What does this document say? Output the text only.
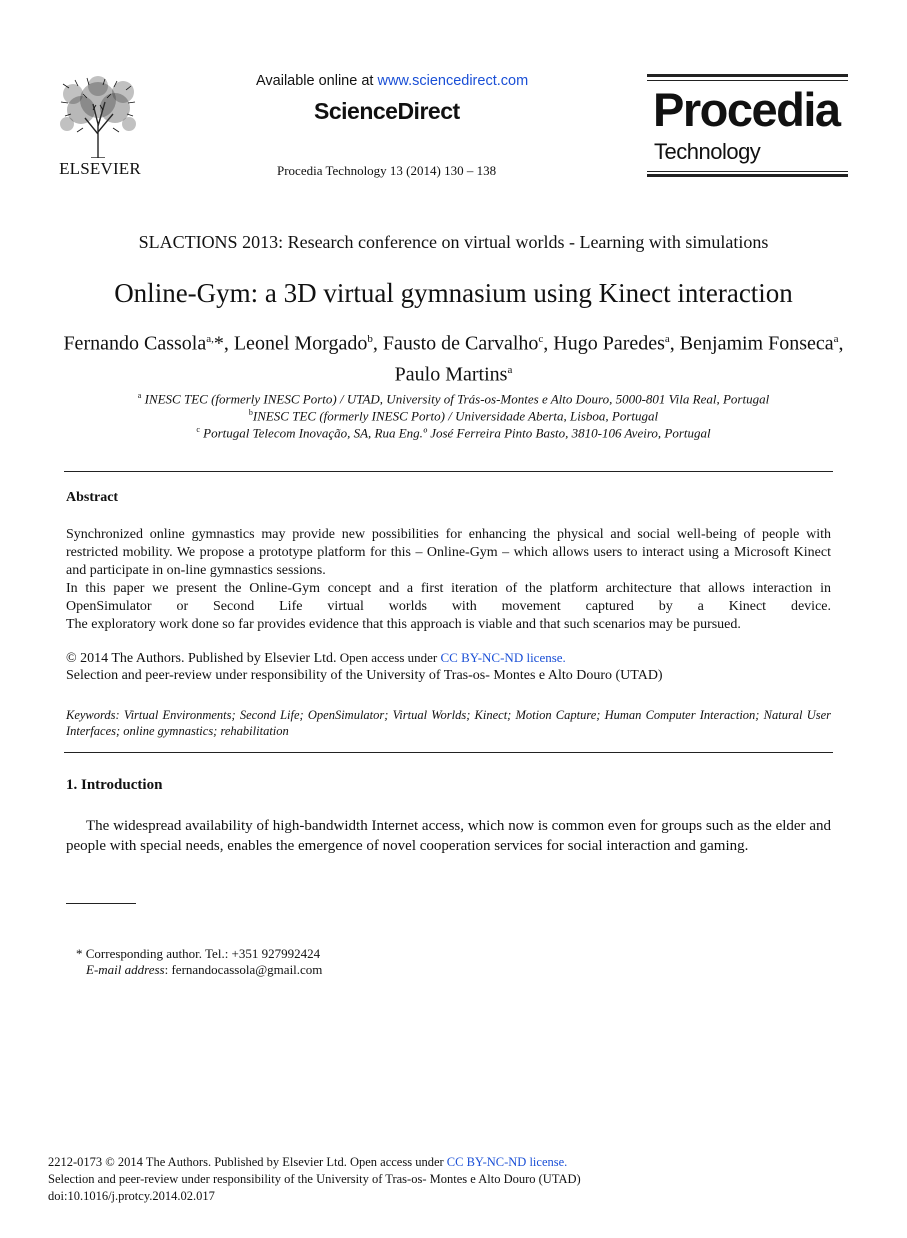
ELSEVIER
Available online at www.sciencedirect.com
ScienceDirect
Procedia Technology 13 (2014) 130 – 138
Procedia
Technology
SLACTIONS 2013: Research conference on virtual worlds - Learning with simulations
Online-Gym: a 3D virtual gymnasium using Kinect interaction
Fernando Cassola$^{a,}$*, Leonel Morgado$^b$, Fausto de Carvalho$^c$, Hugo Paredes$^a$, Benjamim Fonseca$^a$, Paulo Martins$^a$
$^a$ INESC TEC (formerly INESC Porto) / UTAD, University of Trás-os-Montes e Alto Douro, 5000-801 Vila Real, Portugal
$^b$INESC TEC (formerly INESC Porto) / Universidade Aberta, Lisboa, Portugal
$^c$ Portugal Telecom Inovação, SA, Rua Eng.º José Ferreira Pinto Basto, 3810-106 Aveiro, Portugal
Abstract
Synchronized online gymnastics may provide new possibilities for enhancing the physical and social well-being of people with restricted mobility. We propose a prototype platform for this – Online-Gym – which allows users to interact using a Microsoft Kinect and participate in on-line gymnastics sessions.
In this paper we present the Online-Gym concept and a first iteration of the platform architecture that allows interaction in OpenSimulator or Second Life virtual worlds with movement captured by a Kinect device.
The exploratory work done so far provides evidence that this approach is viable and that such scenarios may be pursued.
© 2014 The Authors. Published by Elsevier Ltd. Open access under CC BY-NC-ND license.
Selection and peer-review under responsibility of the University of Tras-os- Montes e Alto Douro (UTAD)
Keywords: Virtual Environments; Second Life; OpenSimulator; Virtual Worlds; Kinect; Motion Capture; Human Computer Interaction; Natural User Interfaces; online gymnastics; rehabilitation
1. Introduction
The widespread availability of high-bandwidth Internet access, which now is common even for groups such as the elder and people with special needs, enables the emergence of novel cooperation services for social interaction and gaming.
* Corresponding author. Tel.: +351 927992424
E-mail address: fernandocassola@gmail.com
2212-0173 © 2014 The Authors. Published by Elsevier Ltd. Open access under CC BY-NC-ND license.
Selection and peer-review under responsibility of the University of Tras-os- Montes e Alto Douro (UTAD)
doi:10.1016/j.protcy.2014.02.017
